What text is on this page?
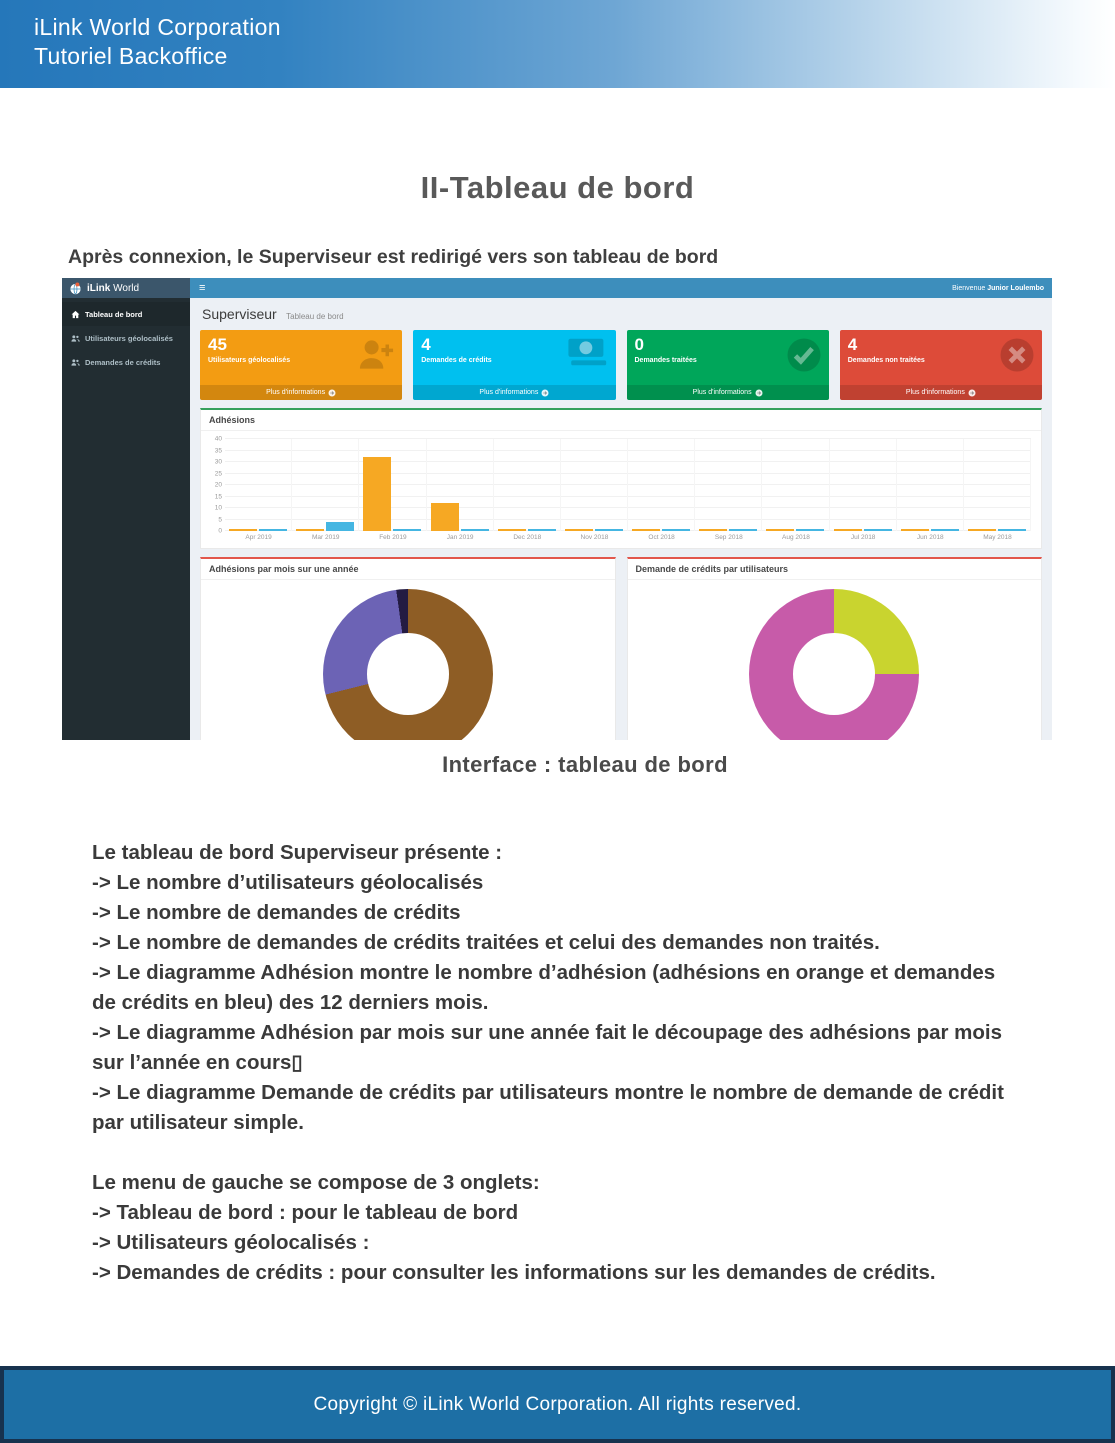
iLink World Corporation
Tutoriel Backoffice
II-Tableau de bord
Après connexion, le Superviseur est redirigé vers son tableau de bord
iLink World	≡	Bienvenue Junior Loulembo
Tableau de bord
Utilisateurs géolocalisés
Demandes de crédits
Superviseur Tableau de bord
45
Utilisateurs géolocalisés
Plus d'informations
4
Demandes de crédits
Plus d'informations
0
Demandes traitées
Plus d'informations
4
Demandes non traitées
Plus d'informations
Adhésions
40
35
30
25
20
15
10
5
0
Apr 2019	Mar 2019	Feb 2019	Jan 2019	Dec 2018	Nov 2018	Oct 2018	Sep 2018	Aug 2018	Jul 2018	Jun 2018	May 2018
Adhésions par mois sur une année	Demande de crédits par utilisateurs
Interface : tableau de bord
Le tableau de bord Superviseur présente :
-> Le nombre d’utilisateurs géolocalisés
-> Le nombre de demandes de crédits
-> Le nombre de demandes de crédits traitées et celui des demandes non traités.
-> Le diagramme Adhésion montre le nombre d’adhésion (adhésions en orange et demandes
de crédits en bleu) des 12 derniers mois.
-> Le diagramme Adhésion par mois sur une année fait le découpage des adhésions par mois
sur l’année en cours▯
-> Le diagramme Demande de crédits par utilisateurs montre le nombre de demande de crédit
par utilisateur simple.
Le menu de gauche se compose de 3 onglets:
-> Tableau de bord : pour le tableau de bord
-> Utilisateurs géolocalisés :
-> Demandes de crédits : pour consulter les informations sur les demandes de crédits.
Copyright © iLink World Corporation. All rights reserved.
